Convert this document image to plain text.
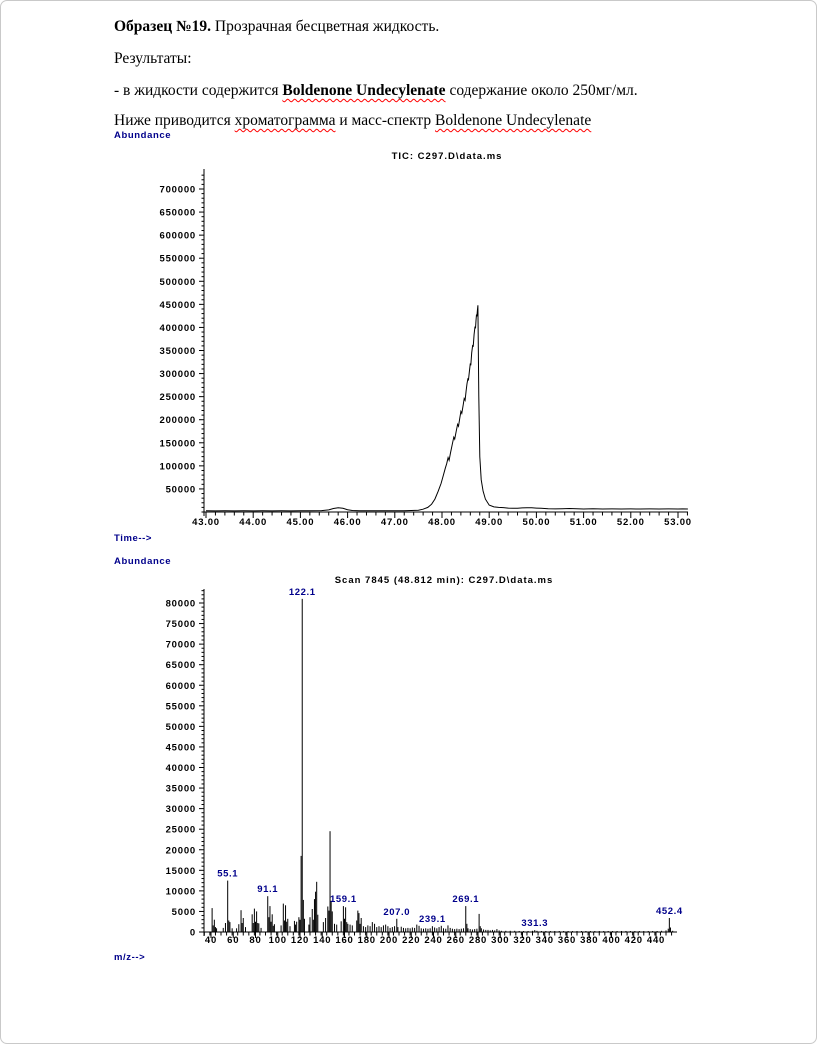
Образец №19. Прозрачная бесцветная жидкость.
Результаты:
- в жидкости содержится Boldenone Undecylenate содержание около 250мг/мл.
Ниже приводится хроматограмма и масс-спектр Boldenone Undecylenate
50000
100000
150000
200000
250000
300000
350000
400000
450000
500000
550000
600000
650000
700000
43.00 44.00 45.00 46.00 47.00 48.00 49.00 50.00 51.00 52.00 53.00
TIC: C297.D\data.ms
Abundance
Time-->
0
5000
10000
15000
20000
25000
30000
35000
40000
45000
50000
55000
60000
65000
70000
75000
80000
40 60 80 100 120 140 160 180 200 220 240 260 280 300 320 340 360 380 400 420 440
Scan 7845 (48.812 min): C297.D\data.ms
Abundance
m/z-->
55.1
91.1
122.1
159.1
207.0
239.1
269.1
331.3
452.4
